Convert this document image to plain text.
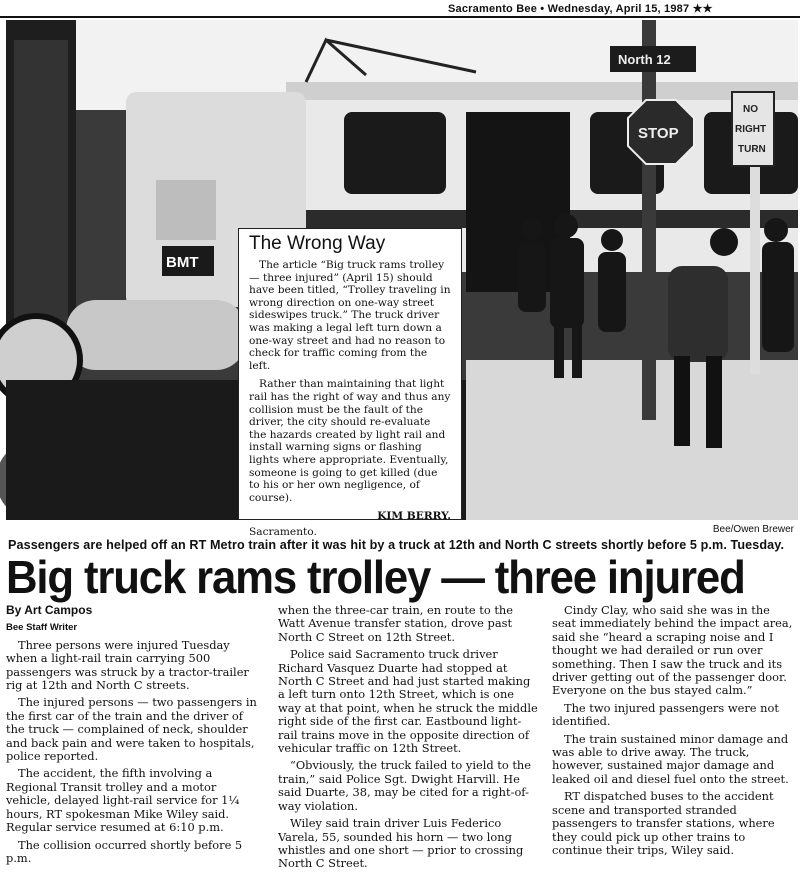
Sacramento Bee • Wednesday, April 15, 1987 ★★
BMT
North 12
STOP
NO
RIGHT
TURN
The Wrong Way

The article “Big truck rams trolley — three injured” (April 15) should have been titled, “Trolley traveling in wrong direction on one-way street sideswipes truck.” The truck driver was making a legal left turn down a one-way street and had no reason to check for traffic coming from the left.

Rather than maintaining that light rail has the right of way and thus any collision must be the fault of the driver, the city should re-evaluate the hazards created by light rail and install warning signs or flashing lights where appropriate. Eventually, someone is going to get killed (due to his or her own negligence, of course).

KIM BERRY.
Sacramento.	Bee/Owen Brewer
Passengers are helped off an RT Metro train after it was hit by a truck at 12th and North C streets shortly before 5 p.m. Tuesday.
Big truck rams trolley — three injured

By Art Campos

Bee Staff Writer

Three persons were injured Tuesday when a light-rail train carrying 500 passengers was struck by a tractor-trailer rig at 12th and North C streets.

The injured persons — two passengers in the first car of the train and the driver of the truck — complained of neck, shoulder and back pain and were taken to hospitals, police reported.

The accident, the fifth involving a Regional Transit trolley and a motor vehicle, delayed light-rail service for 1¼ hours, RT spokesman Mike Wiley said. Regular service resumed at 6:10 p.m.

The collision occurred shortly before 5 p.m.

when the three-car train, en route to the Watt Avenue transfer station, drove past North C Street on 12th Street.

Police said Sacramento truck driver Richard Vasquez Duarte had stopped at North C Street and had just started making a left turn onto 12th Street, which is one way at that point, when he struck the middle right side of the first car. Eastbound light-rail trains move in the opposite direction of vehicular traffic on 12th Street.

“Obviously, the truck failed to yield to the train,” said Police Sgt. Dwight Harvill. He said Duarte, 38, may be cited for a right-of-way violation.

Wiley said train driver Luis Federico Varela, 55, sounded his horn — two long whistles and one short — prior to crossing North C Street.

Cindy Clay, who said she was in the seat immediately behind the impact area, said she “heard a scraping noise and I thought we had derailed or run over something. Then I saw the truck and its driver getting out of the passenger door. Everyone on the bus stayed calm.”

The two injured passengers were not identified.

The train sustained minor damage and was able to drive away. The truck, however, sustained major damage and leaked oil and diesel fuel onto the street.

RT dispatched buses to the accident scene and transported stranded passengers to transfer stations, where they could pick up other trains to continue their trips, Wiley said.
